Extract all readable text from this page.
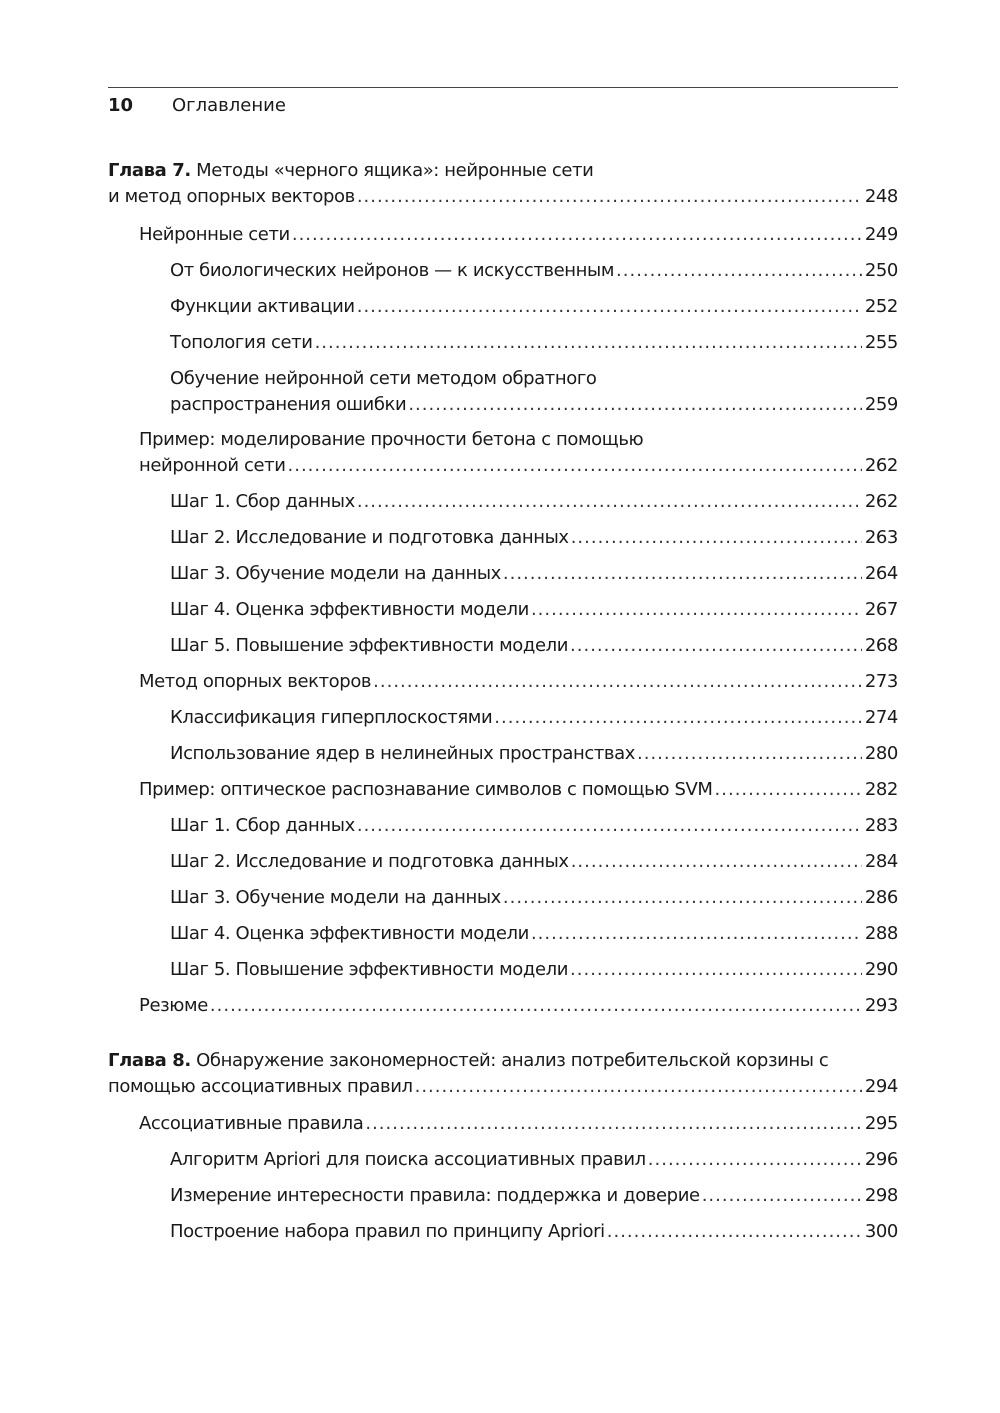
10	Оглавление
Глава 7. Методы «черного ящика»: нейронные сети
и метод опорных векторов .....	248
Нейронные сети .....	249
От биологических нейронов — к искусственным .....	250
Функции активации .....	252
Топология сети .....	255
Обучение нейронной сети методом обратного
распространения ошибки .....	259
Пример: моделирование прочности бетона с помощью
нейронной сети .....	262
Шаг 1. Сбор данных .....	262
Шаг 2. Исследование и подготовка данных .....	263
Шаг 3. Обучение модели на данных .....	264
Шаг 4. Оценка эффективности модели .....	267
Шаг 5. Повышение эффективности модели .....	268
Метод опорных векторов .....	273
Классификация гиперплоскостями .....	274
Использование ядер в нелинейных пространствах .....	280
Пример: оптическое распознавание символов с помощью SVM .....	282
Шаг 1. Сбор данных .....	283
Шаг 2. Исследование и подготовка данных .....	284
Шаг 3. Обучение модели на данных .....	286
Шаг 4. Оценка эффективности модели .....	288
Шаг 5. Повышение эффективности модели .....	290
Резюме .....	293
Глава 8. Обнаружение закономерностей: анализ потребительской корзины с
помощью ассоциативных правил .....	294
Ассоциативные правила .....	295
Алгоритм Apriori для поиска ассоциативных правил .....	296
Измерение интересности правила: поддержка и доверие .....	298
Построение набора правил по принципу Apriori .....	300
